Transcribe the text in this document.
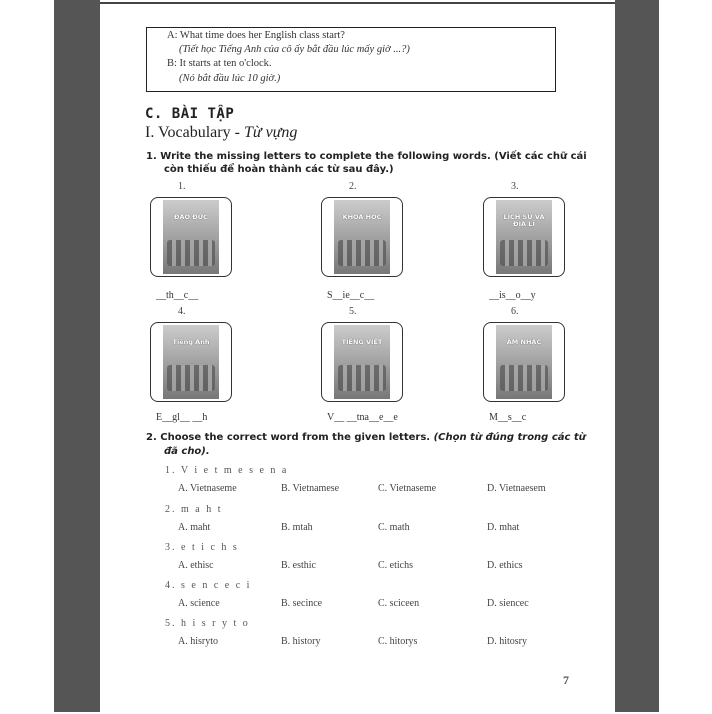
A: What time does her English class start?
(Tiết học Tiếng Anh của cô ấy bắt đầu lúc mấy giờ ...?)
B: It starts at ten o'clock.
(Nó bắt đầu lúc 10 giờ.)
C. BÀI TẬP
I. Vocabulary - Từ vựng
1. Write the missing letters to complete the following words. (Viết các chữ cái
còn thiếu để hoàn thành các từ sau đây.)
1.
ĐẠO ĐỨC
__th__c__
2.
KHOA HỌC
S__ie__c__
3.
LỊCH SỬ VÀ ĐỊA LÍ
__is__o__y
4.
Tiếng Anh
E__gl__ __h
5.
TIẾNG VIỆT
V__ __tna__e__e
6.
ÂM NHẠC
M__s__c
2. Choose the correct word from the given letters. (Chọn từ đúng trong các từ
đã cho).
1. V i e t m e s e n a
A. Vietnaseme	B. Vietnamese	C. Vietnaseme	D. Vietnaesem
2. m a h t
A. maht	B. mtah	C. math	D. mhat
3. e t i c h s
A. ethisc	B. esthic	C. etichs	D. ethics
4. s e n c e c i
A. science	B. secince	C. sciceen	D. siencec
5. h i s r y t o
A. hisryto	B. history	C. hitorys	D. hitosry
7
